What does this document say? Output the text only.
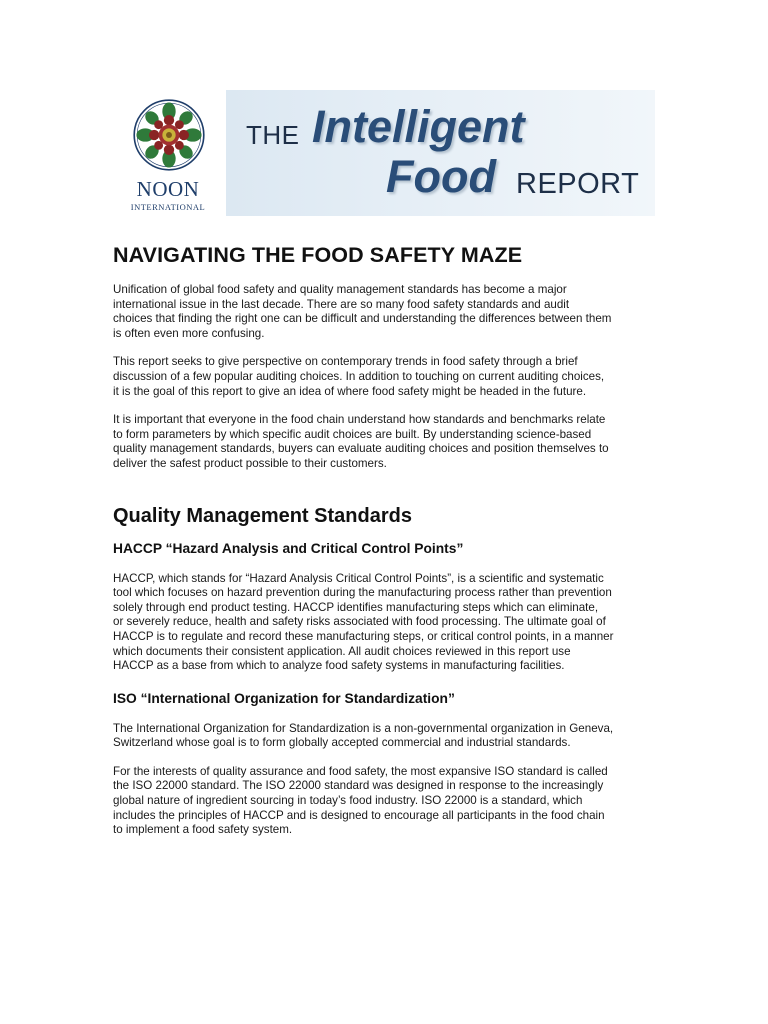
NOON
INTERNATIONAL
THE Intelligent
Food REPORT
NAVIGATING THE FOOD SAFETY MAZE

Unification of global food safety and quality management standards has become a major
international issue in the last decade. There are so many food safety standards and audit
choices that finding the right one can be difficult and understanding the differences between them
is often even more confusing.

This report seeks to give perspective on contemporary trends in food safety through a brief
discussion of a few popular auditing choices. In addition to touching on current auditing choices,
it is the goal of this report to give an idea of where food safety might be headed in the future.

It is important that everyone in the food chain understand how standards and benchmarks relate
to form parameters by which specific audit choices are built. By understanding science-based
quality management standards, buyers can evaluate auditing choices and position themselves to
deliver the safest product possible to their customers.

Quality Management Standards
HACCP “Hazard Analysis and Critical Control Points”

HACCP, which stands for “Hazard Analysis Critical Control Points”, is a scientific and systematic
tool which focuses on hazard prevention during the manufacturing process rather than prevention
solely through end product testing. HACCP identifies manufacturing steps which can eliminate,
or severely reduce, health and safety risks associated with food processing. The ultimate goal of
HACCP is to regulate and record these manufacturing steps, or critical control points, in a manner
which documents their consistent application. All audit choices reviewed in this report use
HACCP as a base from which to analyze food safety systems in manufacturing facilities.

ISO “International Organization for Standardization”

The International Organization for Standardization is a non-governmental organization in Geneva,
Switzerland whose goal is to form globally accepted commercial and industrial standards.

For the interests of quality assurance and food safety, the most expansive ISO standard is called
the ISO 22000 standard. The ISO 22000 standard was designed in response to the increasingly
global nature of ingredient sourcing in today’s food industry. ISO 22000 is a standard, which
includes the principles of HACCP and is designed to encourage all participants in the food chain
to implement a food safety system.
